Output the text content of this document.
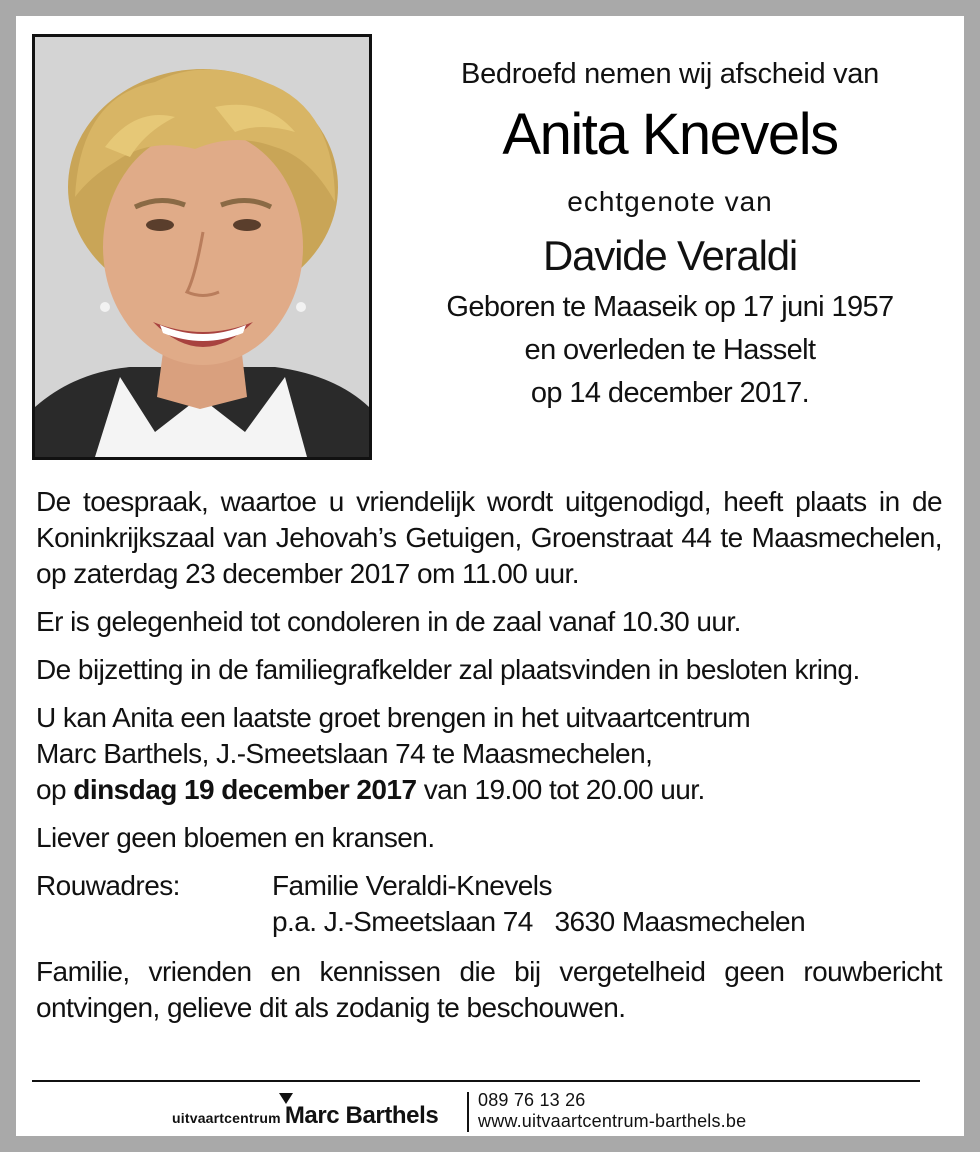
Bedroefd nemen wij afscheid van
Anita Knevels
echtgenote van
Davide Veraldi
Geboren te Maaseik op 17 juni 1957
en overleden te Hasselt
op 14 december 2017.

De toespraak, waartoe u vriendelijk wordt uitgenodigd, heeft plaats in de Koninkrijkszaal van Jehovah’s Getuigen, Groenstraat 44 te Maasmechelen, op zaterdag 23 december 2017 om 11.00 uur.

Er is gelegenheid tot condoleren in de zaal vanaf 10.30 uur.

De bijzetting in de familiegrafkelder zal plaatsvinden in besloten kring.

U kan Anita een laatste groet brengen in het uitvaartcentrum
Marc Barthels, J.-Smeetslaan 74 te Maasmechelen,
op dinsdag 19 december 2017 van 19.00 tot 20.00 uur.

Liever geen bloemen en kransen.

Rouwadres:	Familie Veraldi-Knevels
p.a. J.-Smeetslaan 74   3630 Maasmechelen

Familie, vrienden en kennissen die bij vergetelheid geen rouwbericht ontvingen, gelieve dit als zodanig te beschouwen.

uitvaartcentrum Marc Barthels
089 76 13 26
www.uitvaartcentrum-barthels.be
